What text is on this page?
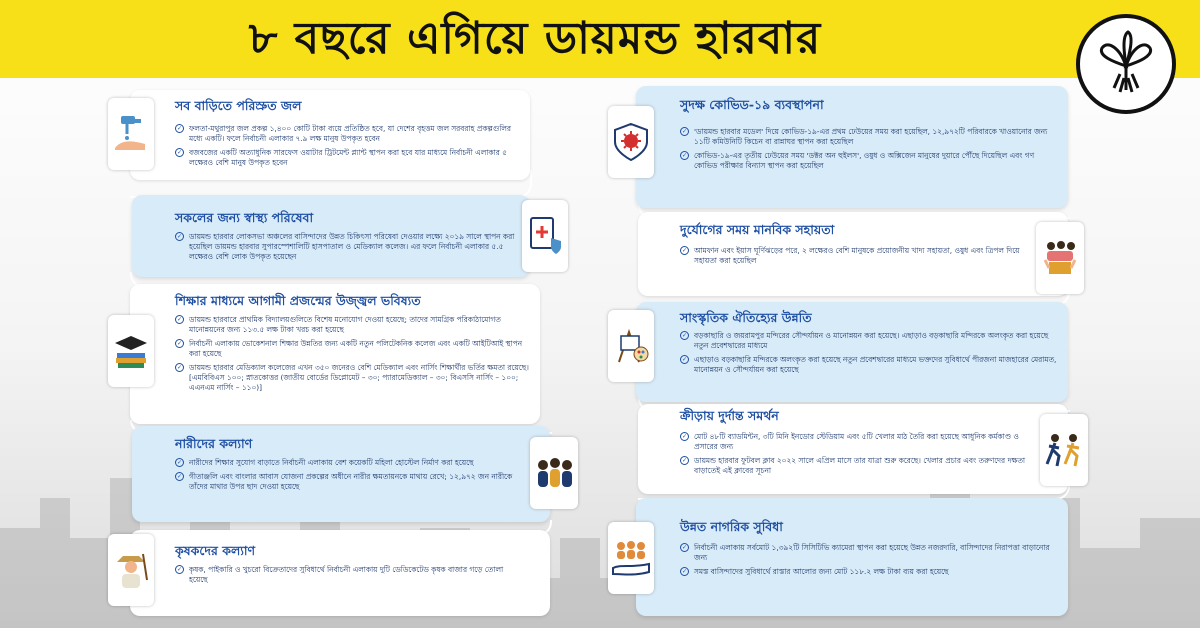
৮ বছরে এগিয়ে ডায়মন্ড হারবার
সব বাড়িতে পরিস্রুত জল
✓ ফলতা-মথুরাপুর জল প্রকল্প ১,৪০০ কোটি টাকা ব্যয়ে প্রতিষ্ঠিত হবে, যা দেশের বৃহত্তম জল সরবরাহ প্রকল্পগুলির মধ্যে একটি। ফলে নির্বাচনী এলাকার ৭.৯ লক্ষ মানুষ উপকৃত হবেন
✓ বজবজের একটি অত্যাধুনিক সারফেস ওয়াটার ট্রিটমেন্ট প্ল্যান্ট স্থাপন করা হবে যার মাধ্যমে নির্বাচনী এলাকার ৫ লক্ষেরও বেশি মানুষ উপকৃত হবেন
সকলের জন্য স্বাস্থ্য পরিষেবা
✓ ডায়মন্ড হারবার লোকসভা অঞ্চলের বাসিন্দাদের উন্নত চিকিৎসা পরিষেবা দেওয়ার লক্ষ্যে ২০১৯ সালে স্থাপন করা হয়েছিল ডায়মন্ড হারবার সুপারস্পেশালিটি হাসপাতাল ও মেডিক্যাল কলেজ। এর ফলে নির্বাচনী এলাকার ৫.৫ লক্ষেরও বেশি লোক উপকৃত হয়েছেন
শিক্ষার মাধ্যমে আগামী প্রজন্মের উজ্জ্বল ভবিষ্যত
✓ ডায়মন্ড হারবারে প্রাথমিক বিদ্যালয়গুলিতে বিশেষ মনোযোগ দেওয়া হয়েছে; তাদের সামগ্রিক পরিকাঠামোগত মানোন্নয়নের জন্য ১১৩.৫ লক্ষ টাকা খরচ করা হয়েছে
✓ নির্বাচনী এলাকায় ভোকেশনাল শিক্ষার উন্নতির জন্য একটি নতুন পলিটেকনিক কলেজ এবং একটি আইটিআই স্থাপন করা হয়েছে
✓ ডায়মন্ড হারবার মেডিক্যাল কলেজের এখন ৩৫০ জনেরও বেশি মেডিক্যাল এবং নার্সিং শিক্ষার্থীর ভর্তির ক্ষমতা রয়েছে। [এমবিবিএস ১০০; স্নাতকোত্তর (জাতীয় বোর্ডের ডিপ্লোমেট – ৩০; প্যারামেডিক্যাল – ৩০; বিএসসি নার্সিং – ১০০; এএনএম নার্সিং – ১১০)]
নারীদের কল্যাণ
✓ নারীদের শিক্ষার সুযোগ বাড়াতে নির্বাচনী এলাকায় বেশ কয়েকটি মহিলা হোস্টেল নির্মাণ করা হয়েছে
✓ গীতাঞ্জলি এবং বাংলার আবাস যোজনা প্রকল্পের অধীনে নারীর ক্ষমতায়নকে মাথায় রেখে; ১২,৯৭২ জন নারীকে তাঁদের মাথার উপর ছাদ দেওয়া হয়েছে
কৃষকদের কল্যাণ
✓ কৃষক, পাইকারি ও খুচরো বিক্রেতাদের সুবিধার্থে নির্বাচনী এলাকায় দুটি ডেডিকেটেড কৃষক বাজার গড়ে তোলা হয়েছে
সুদক্ষ কোভিড-১৯ ব্যবস্থাপনা
✓ 'ডায়মন্ড হারবার মডেল' দিয়ে কোভিড-১৯-এর প্রথম ঢেউয়ের সময় করা হয়েছিল, ১২,৯৭২টি পরিবারকে খাওয়ানোর জন্য ১১টি কমিউনিটি কিচেন বা রান্নাঘর স্থাপন করা হয়েছিল
✓ কোভিড-১৯-এর তৃতীয় ঢেউয়ের সময় 'ডক্টর অন হুইলস', ওষুধ ও অক্সিজেন মানুষের দুয়ারে পৌঁছে দিয়েছিল এবং গণ কোভিড পরীক্ষার বিন্যাস স্থাপন করা হয়েছিল
দুর্যোগের সময় মানবিক সহায়তা
✓ আমফান এবং ইয়াস ঘূর্ণিঝড়ের পরে, ২ লক্ষেরও বেশি মানুষকে প্রয়োজনীয় খাদ্য সহায়তা, ওষুধ এবং ত্রিপল দিয়ে সহায়তা করা হয়েছিল
সাংস্কৃতিক ঐতিহ্যের উন্নতি
✓ বড়কাছারি ও জয়রামপুর মন্দিরের সৌন্দর্যায়ন ও মানোন্নয়ন করা হয়েছে। এছাড়াও বড়কাছারি মন্দিরকে অলংকৃত করা হয়েছে নতুন প্রবেশদ্বারের মাধ্যমে
✓ এছাড়াও বড়কাছারি মন্দিরকে অলংকৃত করা হয়েছে নতুন প্রবেশদ্বারের মাধ্যমে ভক্তদের সুবিধার্থে পীরজনা মাজহারের মেরামত, মানোন্নয়ন ও সৌন্দর্যায়ন করা হয়েছে
ক্রীড়ায় দুর্দান্ত সমর্থন
✓ মোট ৪৮টি ব্যাডমিন্টন, ৩টি মিনি ইনডোর স্টেডিয়াম এবং ৫টি খেলার মাঠ তৈরি করা হয়েছে আধুনিক কর্মকাণ্ড ও প্রসারের জন্য
✓ ডায়মন্ড হারবার ফুটবল ক্লাব ২০২২ সালে এপ্রিল মাসে তার যাত্রা শুরু করেছে। খেলার প্রচার এবং তরুণদের দক্ষতা বাড়াতেই এই ক্লাবের সূচনা
উন্নত নাগরিক সুবিধা
✓ নির্বাচনী এলাকায় সর্বমোট ১,৩৯২টি সিসিটিভি ক্যামেরা স্থাপন করা হয়েছে উন্নত নজরদারি, বাসিন্দাদের নিরাপত্তা বাড়ানোর জন্য
✓ সমস্ত বাসিন্দাদের সুবিধার্থে রাস্তার আলোর জন্য মোট ১১৮.২ লক্ষ টাকা ব্যয় করা হয়েছে
